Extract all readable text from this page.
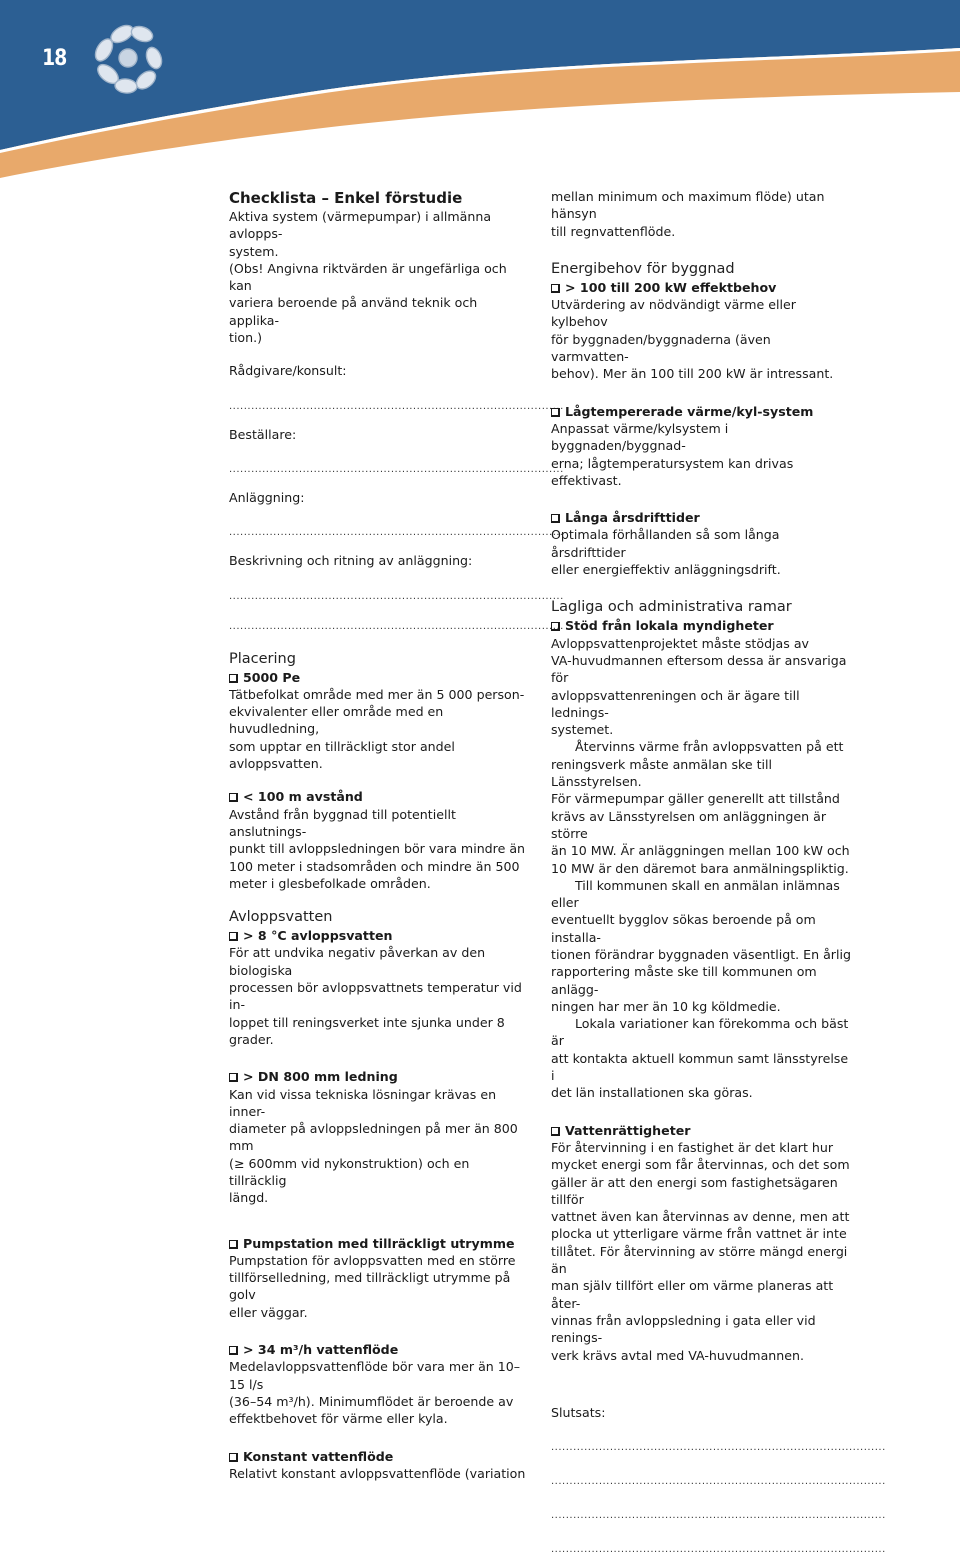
18

Checklista – Enkel förstudie

Aktiva system (värmepumpar) i allmänna avlopps-

system.

(Obs! Angivna riktvärden är ungefärliga och kan

variera beroende på använd teknik och applika-

tion.)

Rådgivare/konsult:

...........................................................................................

Beställare:

...........................................................................................

Anläggning:

...........................................................................................

Beskrivning och ritning av anläggning:

...........................................................................................
...........................................................................................

Placering

5000 Pe

Tätbefolkat område med mer än 5 000 person-

ekvivalenter eller område med en huvudledning,

som upptar en tillräckligt stor andel avloppsvatten.

< 100 m avstånd

Avstånd från byggnad till potentiellt anslutnings-

punkt till avloppsledningen bör vara mindre än

100 meter i stadsområden och mindre än 500

meter i glesbefolkade områden.

Avloppsvatten

> 8 °C avloppsvatten

För att undvika negativ påverkan av den biologiska

processen bör avloppsvattnets temperatur vid in-

loppet till reningsverket inte sjunka under 8 grader.

> DN 800 mm ledning

Kan vid vissa tekniska lösningar krävas en inner-

diameter på avloppsledningen på mer än 800 mm

(≥ 600mm vid nykonstruktion) och en tillräcklig

längd.

Pumpstation med tillräckligt utrymme

Pumpstation för avloppsvatten med en större

tillförselledning, med tillräckligt utrymme på golv

eller väggar.

> 34 m³/h vattenflöde

Medelavloppsvattenflöde bör vara mer än 10–15 l/s

(36–54 m³/h). Minimumflödet är beroende av

effektbehovet för värme eller kyla.

Konstant vattenflöde

Relativt konstant avloppsvattenflöde (variation

mellan minimum och maximum flöde) utan hänsyn

till regnvattenflöde.

Energibehov för byggnad

> 100 till 200 kW effektbehov

Utvärdering av nödvändigt värme eller kylbehov

för byggnaden/byggnaderna (även varmvatten-

behov). Mer än 100 till 200 kW är intressant.

Lågtempererade värme/kyl-system

Anpassat värme/kylsystem i byggnaden/byggnad-

erna; lågtemperatursystem kan drivas effektivast.

Långa årsdrifttider

Optimala förhållanden så som långa årsdrifttider

eller energieffektiv anläggningsdrift.

Lagliga och administrativa ramar

Stöd från lokala myndigheter

Avloppsvattenprojektet måste stödjas av

VA-huvudmannen eftersom dessa är ansvariga för

avloppsvattenreningen och är ägare till lednings-

systemet.

Återvinns värme från avloppsvatten på ett

reningsverk måste anmälan ske till Länsstyrelsen.

För värmepumpar gäller generellt att tillstånd

krävs av Länsstyrelsen om anläggningen är större

än 10 MW. Är anläggningen mellan 100 kW och

10 MW är den däremot bara anmälningspliktig.

Till kommunen skall en anmälan inlämnas eller

eventuellt bygglov sökas beroende på om installa-

tionen förändrar byggnaden väsentligt. En årlig

rapportering måste ske till kommunen om anlägg-

ningen har mer än 10 kg köldmedie.

Lokala variationer kan förekomma och bäst är

att kontakta aktuell kommun samt länsstyrelse i

det län installationen ska göras.

Vattenrättigheter

För återvinning i en fastighet är det klart hur

mycket energi som får återvinnas, och det som

gäller är att den energi som fastighetsägaren tillför

vattnet även kan återvinnas av denne, men att

plocka ut ytterligare värme från vattnet är inte

tillåtet. För återvinning av större mängd energi än

man själv tillfört eller om värme planeras att åter-

vinnas från avloppsledning i gata eller vid renings-

verk krävs avtal med VA-huvudmannen.

Slutsats:

...........................................................................................
...........................................................................................
...........................................................................................
...........................................................................................
